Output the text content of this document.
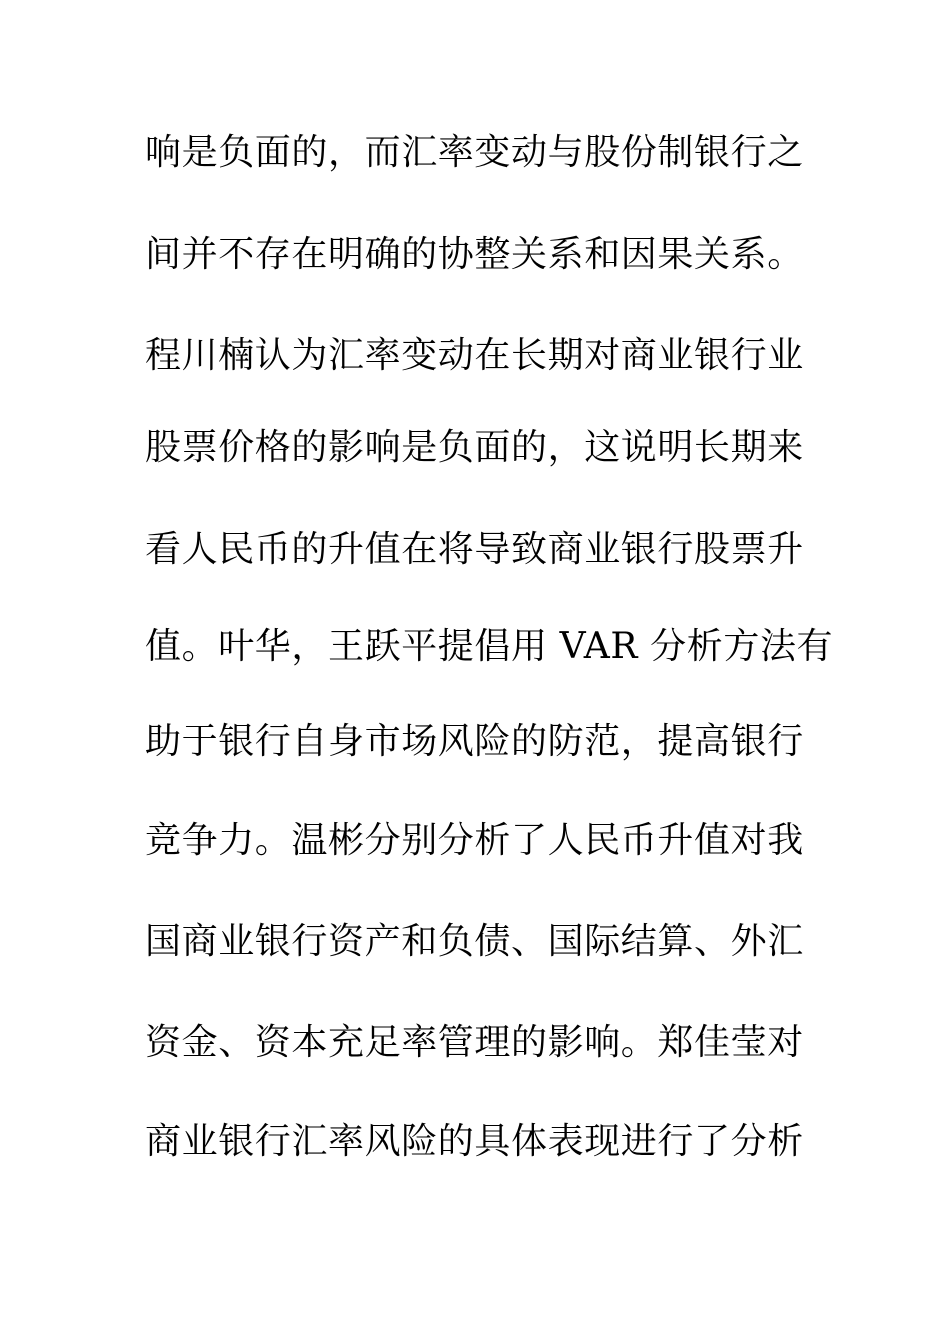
响是负面的，而汇率变动与股份制银行之
间并不存在明确的协整关系和因果关系。
程川楠认为汇率变动在长期对商业银行业
股票价格的影响是负面的，这说明长期来
看人民币的升值在将导致商业银行股票升
值。叶华，王跃平提倡用 VAR 分析方法有
助于银行自身市场风险的防范，提高银行
竞争力。温彬分别分析了人民币升值对我
国商业银行资产和负债、国际结算、外汇
资金、资本充足率管理的影响。郑佳莹对
商业银行汇率风险的具体表现进行了分析
